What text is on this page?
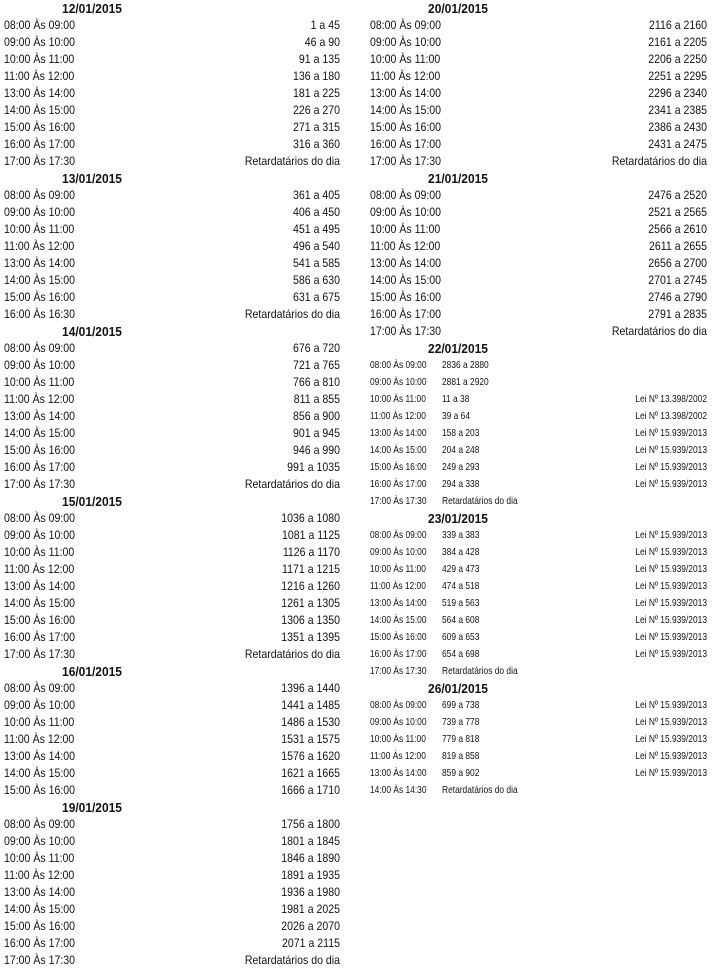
12/01/2015
08:00 Às 09:00	1 a 45
09:00 Às 10:00	46 a 90
10:00 Às 11:00	91 a 135
11:00 Às 12:00	136 a 180
13:00 Às 14:00	181 a 225
14:00 Às 15:00	226 a 270
15:00 Às 16:00	271 a 315
16:00 Às 17:00	316 a 360
17:00 Às 17:30	Retardatários do dia
13/01/2015
08:00 Às 09:00	361 a 405
09:00 Às 10:00	406 a 450
10:00 Às 11:00	451 a 495
11:00 Às 12:00	496 a 540
13:00 Às 14:00	541 a 585
14:00 Às 15:00	586 a 630
15:00 Às 16:00	631 a 675
16:00 Às 16:30	Retardatários do dia
14/01/2015
08:00 Às 09:00	676 a 720
09:00 Às 10:00	721 a 765
10:00 Às 11:00	766 a 810
11:00 Às 12:00	811 a 855
13:00 Às 14:00	856 a 900
14:00 Às 15:00	901 a 945
15:00 Às 16:00	946 a 990
16:00 Às 17:00	991 a 1035
17:00 Às 17:30	Retardatários do dia
15/01/2015
08:00 Às 09:00	1036 a 1080
09:00 Às 10:00	1081 a 1125
10:00 Às 11:00	1126 a 1170
11:00 Às 12:00	1171 a 1215
13:00 Às 14:00	1216 a 1260
14:00 Às 15:00	1261 a 1305
15:00 Às 16:00	1306 a 1350
16:00 Às 17:00	1351 a 1395
17:00 Às 17:30	Retardatários do dia
16/01/2015
08:00 Às 09:00	1396 a 1440
09:00 Às 10:00	1441 a 1485
10:00 Às 11:00	1486 a 1530
11:00 Às 12:00	1531 a 1575
13:00 Às 14:00	1576 a 1620
14:00 Às 15:00	1621 a 1665
15:00 Às 16:00	1666 a 1710
19/01/2015
08:00 Às 09:00	1756 a 1800
09:00 Às 10:00	1801 a 1845
10:00 Às 11:00	1846 a 1890
11:00 Às 12:00	1891 a 1935
13:00 Às 14:00	1936 a 1980
14:00 Às 15:00	1981 a 2025
15:00 Às 16:00	2026 a 2070
16:00 Às 17:00	2071 a 2115
17:00 Às 17:30	Retardatários do dia
20/01/2015
08:00 Às 09:00	2116 a 2160
09:00 Às 10:00	2161 a 2205
10:00 Às 11:00	2206 a 2250
11:00 Às 12:00	2251 a 2295
13:00 Às 14:00	2296 a 2340
14:00 Às 15:00	2341 a 2385
15:00 Às 16:00	2386 a 2430
16:00 Às 17:00	2431 a 2475
17:00 Às 17:30	Retardatários do dia
21/01/2015
08:00 Às 09:00	2476 a 2520
09:00 Às 10:00	2521 a 2565
10:00 Às 11:00	2566 a 2610
11:00 Às 12:00	2611 a 2655
13:00 Às 14:00	2656 a 2700
14:00 Às 15:00	2701 a 2745
15:00 Às 16:00	2746 a 2790
16:00 Às 17:00	2791 a 2835
17:00 Às 17:30	Retardatários do dia
22/01/2015
08:00 Às 09:00 2836 a 2880
09:00 Às 10:00 2881 a 2920
10:00 Às 11:00 11 a 38	Lei Nº 13.398/2002
11:00 Às 12:00 39 a 64	Lei Nº 13.398/2002
13:00 Às 14:00 158 a 203	Lei Nº 15.939/2013
14:00 Às 15:00 204 a 248	Lei Nº 15.939/2013
15:00 Às 16:00 249 a 293	Lei Nº 15.939/2013
16:00 Às 17:00 294 a 338	Lei Nº 15.939/2013
17:00 Às 17:30 Retardatários do dia
23/01/2015
08:00 Às 09:00 339 a 383	Lei Nº 15.939/2013
09:00 Às 10:00 384 a 428	Lei Nº 15.939/2013
10:00 Às 11:00 429 a 473	Lei Nº 15.939/2013
11:00 Às 12:00 474 a 518	Lei Nº 15.939/2013
13:00 Às 14:00 519 a 563	Lei Nº 15.939/2013
14:00 Às 15:00 564 a 608	Lei Nº 15.939/2013
15:00 Às 16:00 609 a 653	Lei Nº 15.939/2013
16:00 Às 17:00 654 a 698	Lei Nº 15.939/2013
17:00 Às 17:30 Retardatários do dia
26/01/2015
08:00 Às 09:00 699 a 738	Lei Nº 15.939/2013
09:00 Às 10:00 739 a 778	Lei Nº 15.939/2013
10:00 Às 11:00 779 a 818	Lei Nº 15.939/2013
11:00 Às 12:00 819 a 858	Lei Nº 15.939/2013
13:00 Às 14:00 859 a 902	Lei Nº 15.939/2013
14:00 Às 14:30 Retardatários do dia
